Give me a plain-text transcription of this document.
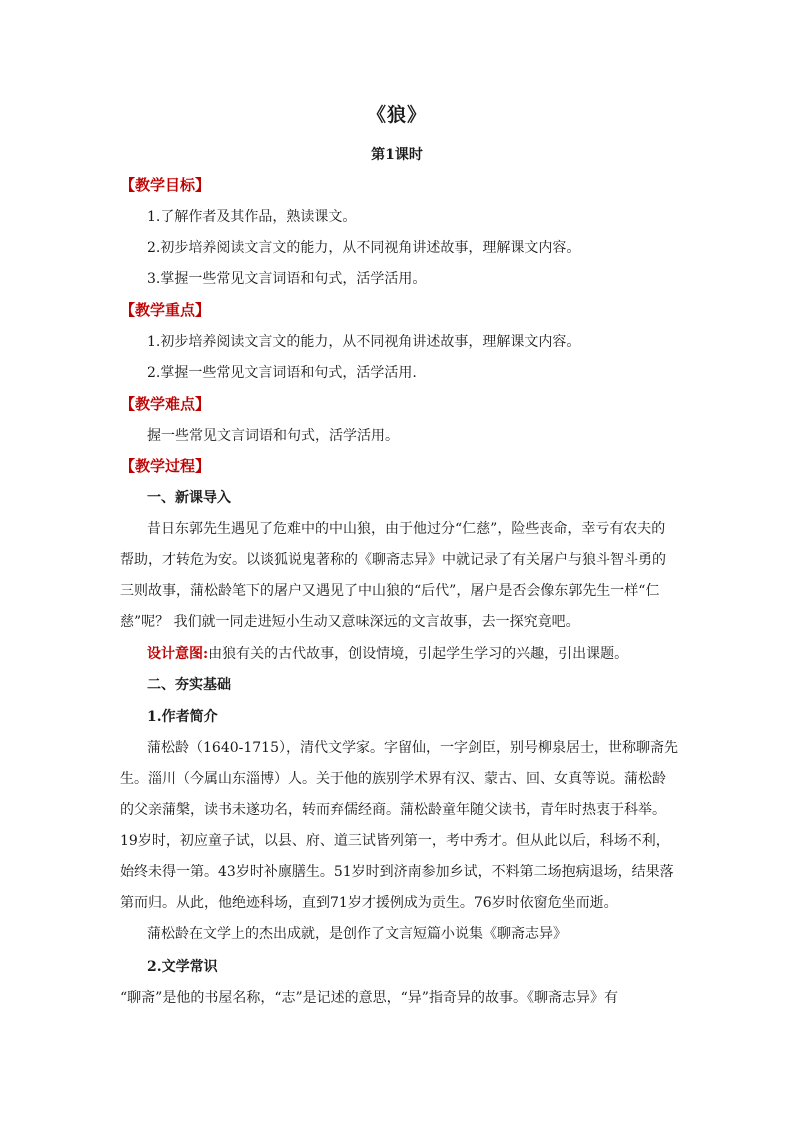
《狼》
第1课时
【教学目标】
1.了解作者及其作品，熟读课文。
2.初步培养阅读文言文的能力，从不同视角讲述故事，理解课文内容。
3.掌握一些常见文言词语和句式，活学活用。
【教学重点】
1.初步培养阅读文言文的能力，从不同视角讲述故事，理解课文内容。
2.掌握一些常见文言词语和句式，活学活用.
【教学难点】
握一些常见文言词语和句式，活学活用。
【教学过程】
一、新课导入
昔日东郭先生遇见了危难中的中山狼，由于他过分“仁慈”，险些丧命，幸亏有农夫的
帮助，才转危为安。以谈狐说鬼著称的《聊斋志异》中就记录了有关屠户与狼斗智斗勇的
三则故事，蒲松龄笔下的屠户又遇见了中山狼的“后代”，屠户是否会像东郭先生一样“仁
慈”呢？ 我们就一同走进短小生动又意味深远的文言故事，去一探究竟吧。
设计意图:由狼有关的古代故事，创设情境，引起学生学习的兴趣，引出课题。
二、夯实基础
1.作者简介
蒲松龄（1640-1715），清代文学家。字留仙，一字剑臣，别号柳泉居士，世称聊斋先
生。淄川（今属山东淄博）人。关于他的族别学术界有汉、蒙古、回、女真等说。蒲松龄
的父亲蒲槃，读书未遂功名，转而弃儒经商。蒲松龄童年随父读书，青年时热衷于科举。
19岁时，初应童子试，以县、府、道三试皆列第一，考中秀才。但从此以后，科场不利，
始终未得一第。43岁时补廪膳生。51岁时到济南参加乡试，不料第二场抱病退场，结果落
第而归。从此，他绝迹科场，直到71岁才援例成为贡生。76岁时依窗危坐而逝。
蒲松龄在文学上的杰出成就，是创作了文言短篇小说集《聊斋志异》
2.文学常识
“聊斋”是他的书屋名称，“志”是记述的意思，“异”指奇异的故事。《聊斋志异》有
